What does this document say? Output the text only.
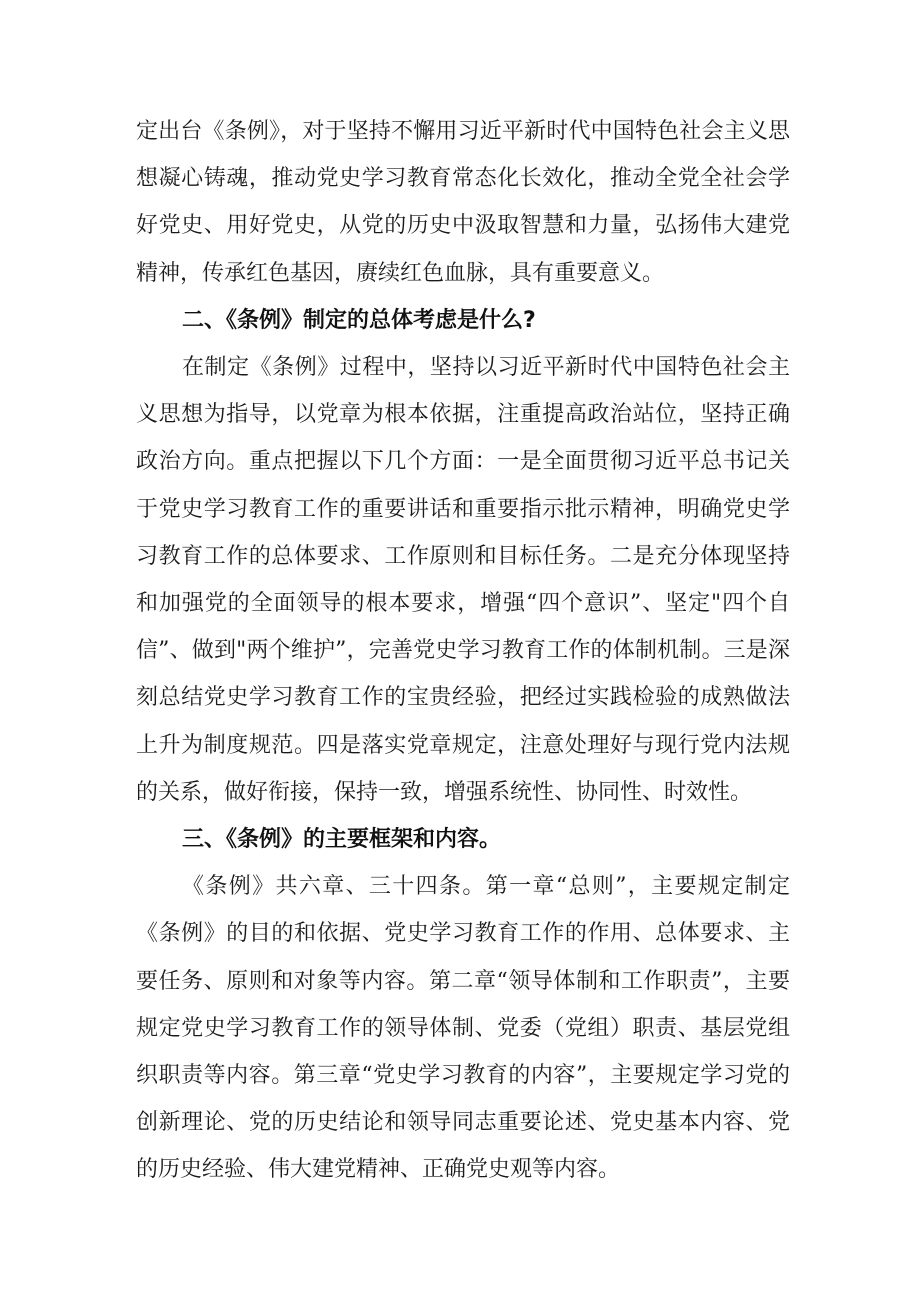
定出台《条例》，对于坚持不懈用习近平新时代中国特色社会主义思想凝心铸魂，推动党史学习教育常态化长效化，推动全党全社会学好党史、用好党史，从党的历史中汲取智慧和力量，弘扬伟大建党精神，传承红色基因，赓续红色血脉，具有重要意义。

二、《条例》制定的总体考虑是什么?

在制定《条例》过程中，坚持以习近平新时代中国特色社会主义思想为指导，以党章为根本依据，注重提高政治站位，坚持正确政治方向。重点把握以下几个方面：一是全面贯彻习近平总书记关于党史学习教育工作的重要讲话和重要指示批示精神，明确党史学习教育工作的总体要求、工作原则和目标任务。二是充分体现坚持和加强党的全面领导的根本要求，增强“四个意识”、坚定"四个自信”、做到"两个维护”，完善党史学习教育工作的体制机制。三是深刻总结党史学习教育工作的宝贵经验，把经过实践检验的成熟做法上升为制度规范。四是落实党章规定，注意处理好与现行党内法规的关系，做好衔接，保持一致，增强系统性、协同性、时效性。

三、《条例》的主要框架和内容。

《条例》共六章、三十四条。第一章“总则”，主要规定制定《条例》的目的和依据、党史学习教育工作的作用、总体要求、主要任务、原则和对象等内容。第二章“领导体制和工作职责”，主要规定党史学习教育工作的领导体制、党委（党组）职责、基层党组织职责等内容。第三章“党史学习教育的内容”，主要规定学习党的创新理论、党的历史结论和领导同志重要论述、党史基本内容、党的历史经验、伟大建党精神、正确党史观等内容。
